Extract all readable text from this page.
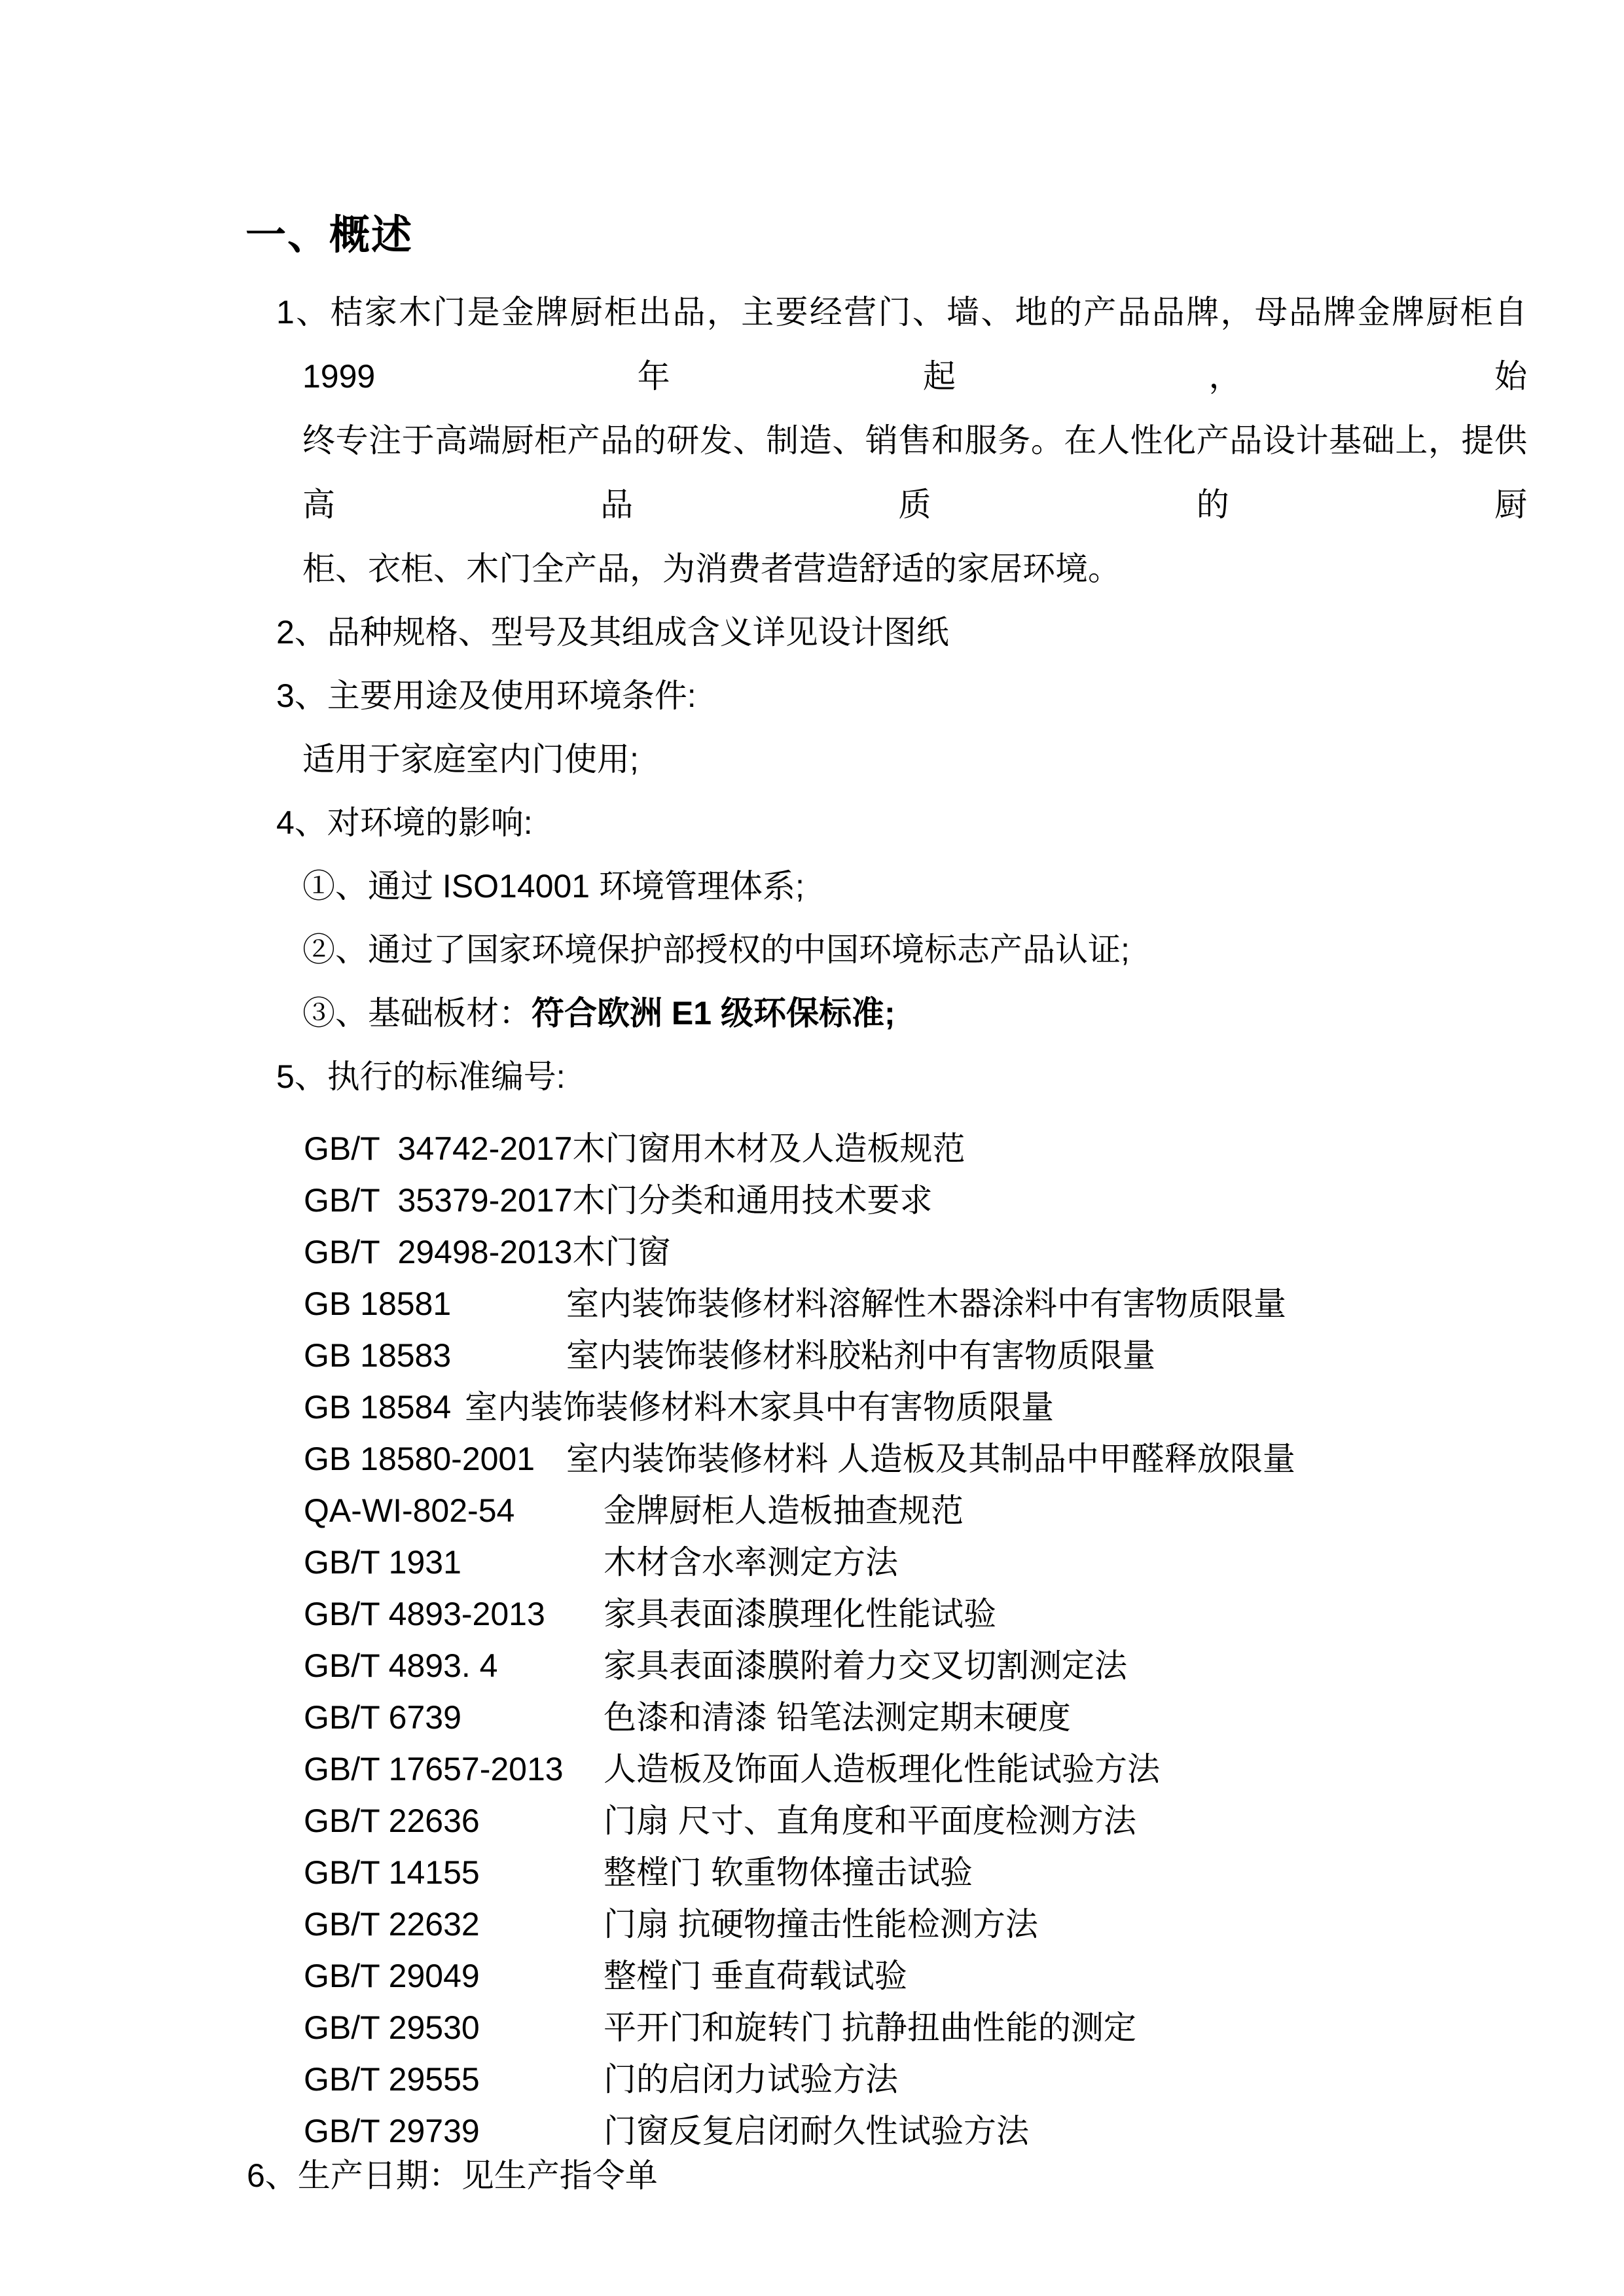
一、概述
1、桔家木门是金牌厨柜出品，主要经营门、墙、地的产品品牌，母品牌金牌厨柜自 1999 年起，始
终专注于高端厨柜产品的研发、制造、销售和服务。在人性化产品设计基础上，提供高品质的厨
柜、衣柜、木门全产品，为消费者营造舒适的家居环境。
2、品种规格、型号及其组成含义详见设计图纸
3、主要用途及使用环境条件:
适用于家庭室内门使用;
4、对环境的影响:
①、通过 ISO14001 环境管理体系;
②、通过了国家环境保护部授权的中国环境标志产品认证;
③、基础板材：符合欧洲 E1 级环保标准;
5、执行的标准编号:
GB/T  34742-2017木门窗用木材及人造板规范
GB/T  35379-2017木门分类和通用技术要求
GB/T  29498-2013木门窗
GB 18581	室内装饰装修材料溶解性木器涂料中有害物质限量
GB 18583	室内装饰装修材料胶粘剂中有害物质限量
GB 18584 室内装饰装修材料木家具中有害物质限量
GB 18580-2001 室内装饰装修材料 人造板及其制品中甲醛释放限量
QA-WI-802-54	金牌厨柜人造板抽查规范
GB/T 1931	木材含水率测定方法
GB/T 4893-2013 家具表面漆膜理化性能试验
GB/T 4893. 4	家具表面漆膜附着力交叉切割测定法
GB/T 6739	色漆和清漆 铅笔法测定期末硬度
GB/T 17657-2013 人造板及饰面人造板理化性能试验方法
GB/T 22636	门扇 尺寸、直角度和平面度检测方法
GB/T 14155	整樘门 软重物体撞击试验
GB/T 22632	门扇 抗硬物撞击性能检测方法
GB/T 29049	整樘门 垂直荷载试验
GB/T 29530	平开门和旋转门 抗静扭曲性能的测定
GB/T 29555	门的启闭力试验方法
GB/T 29739	门窗反复启闭耐久性试验方法
6、生产日期：见生产指令单
